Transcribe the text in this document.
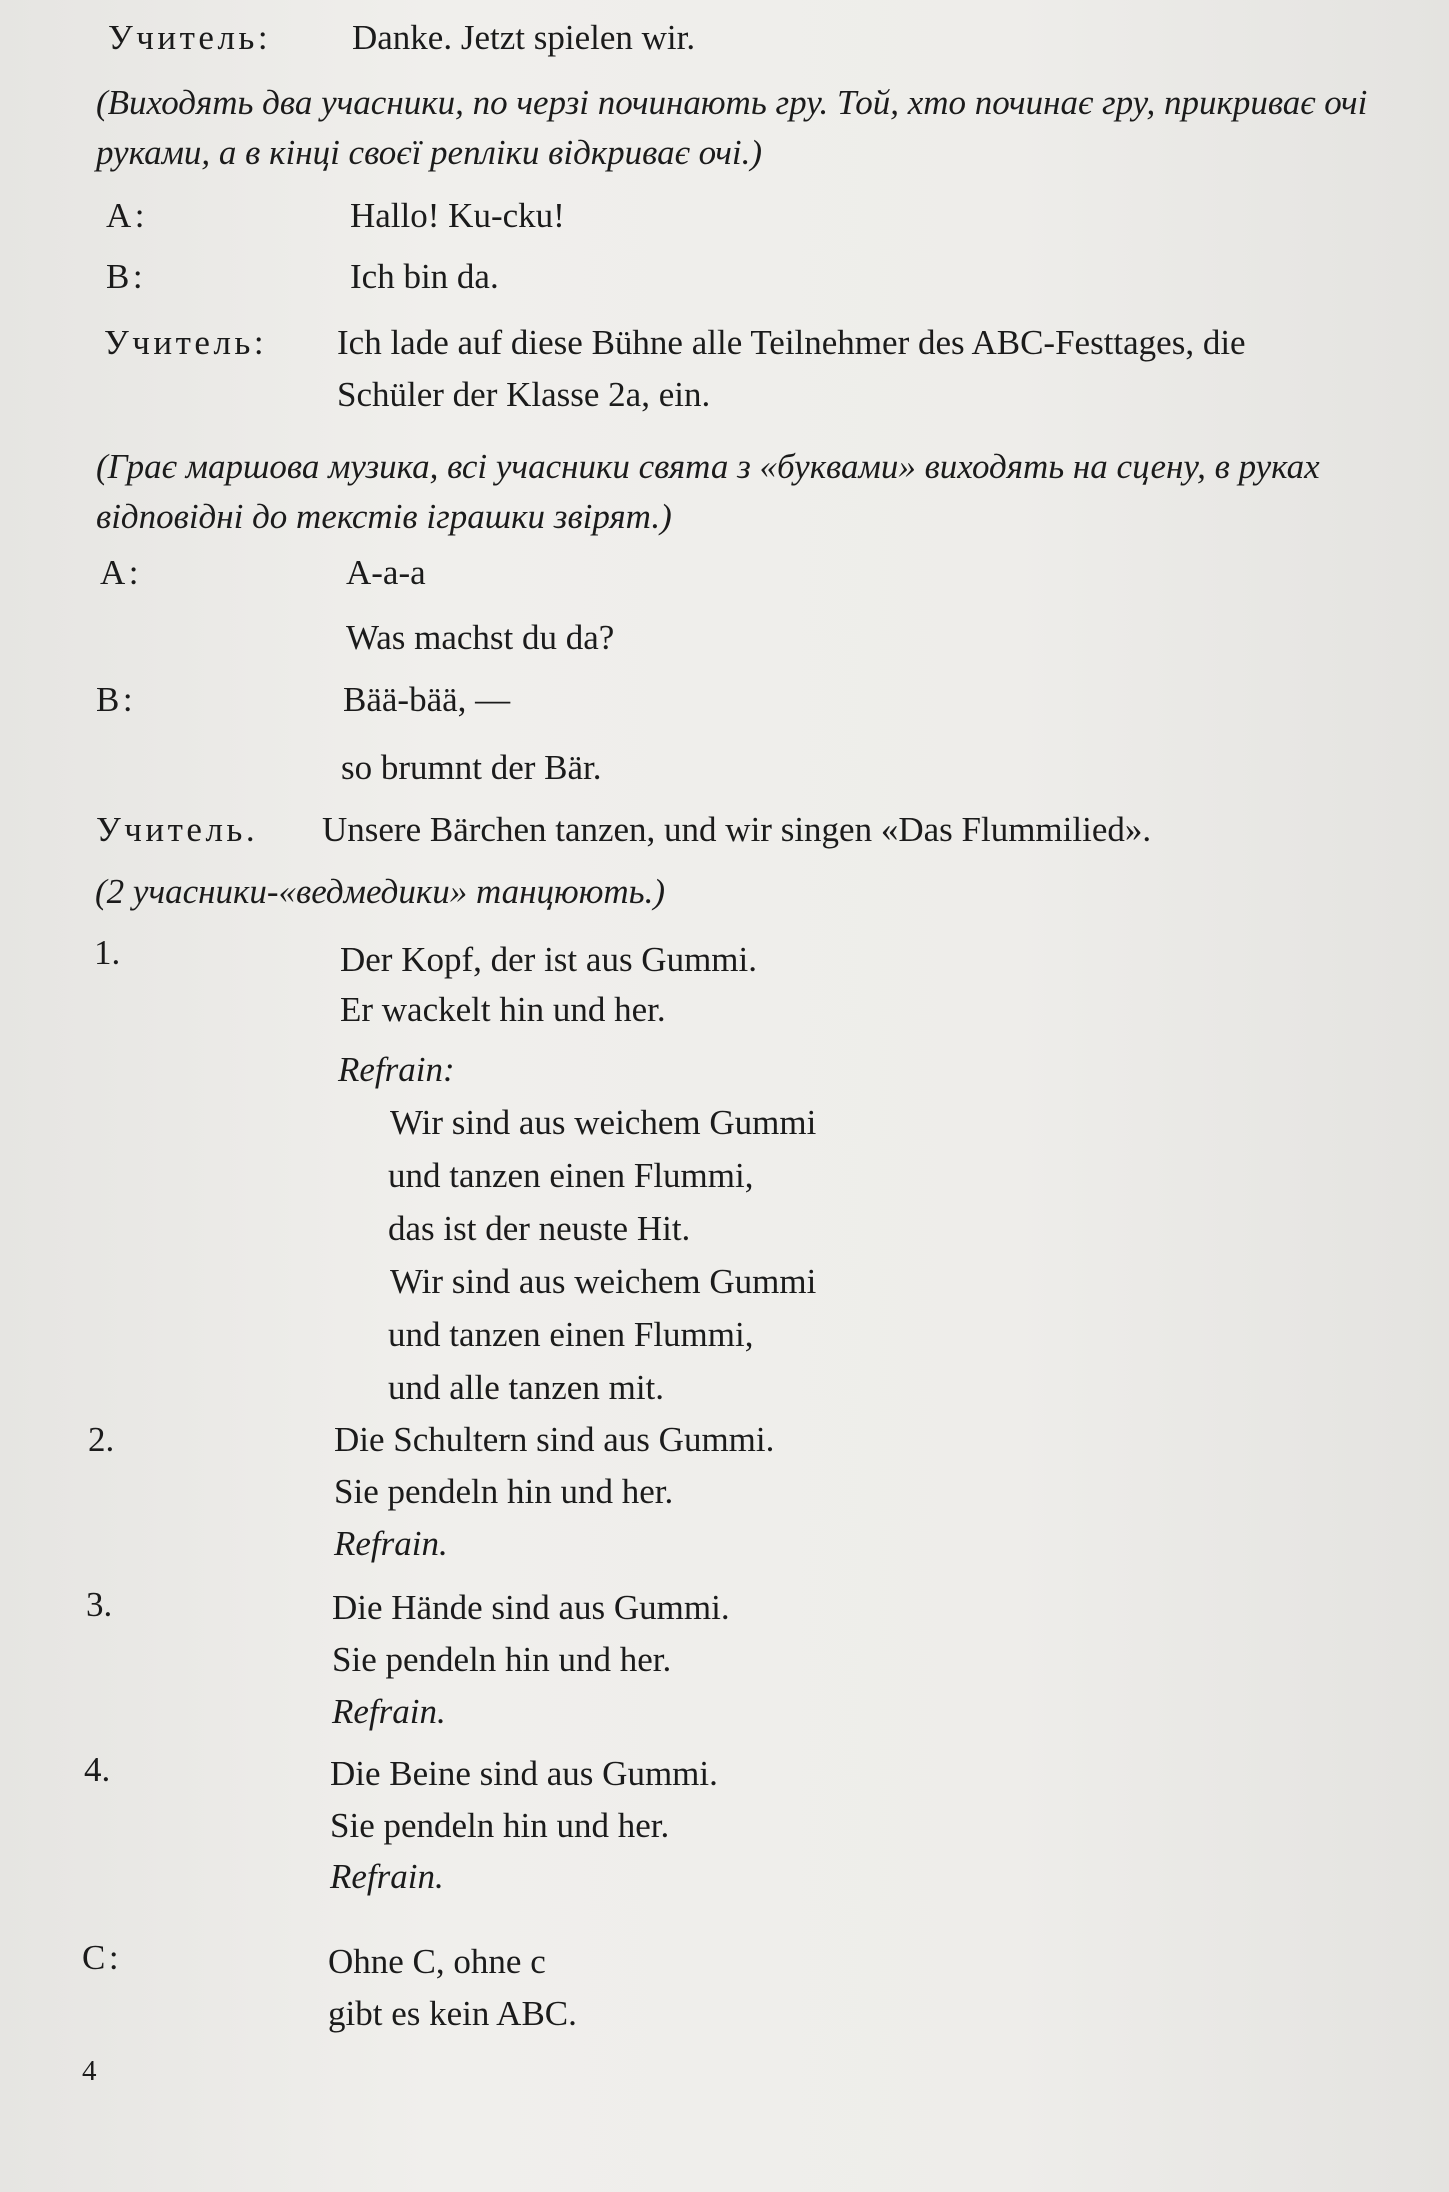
Учитель: Danke. Jetzt spielen wir.
(Виходять два учасники, по черзі починають гру. Той, хто починає гру, прикриває очі руками, а в кінці своєї репліки відкриває очі.)
A:	Hallo! Ku-cku!
B:	Ich bin da.
Учитель: Ich lade auf diese Bühne alle Teilnehmer des ABC-Festtages, die
Schüler der Klasse 2a, ein.
(Грає маршова музика, всі учасники свята з «буквами» виходять на сцену, в руках відповідні до текстів іграшки звірят.)
A:	A-a-a
Was machst du da?
B:	Bää-bää, —
so brumnt der Bär.
Учитель. Unsere Bärchen tanzen, und wir singen «Das Flummilied».
(2 учасники-«ведмедики» танцюють.)
1.	Der Kopf, der ist aus Gummi.
Er wackelt hin und her.
Refrain:
Wir sind aus weichem Gummi
und tanzen einen Flummi,
das ist der neuste Hit.
Wir sind aus weichem Gummi
und tanzen einen Flummi,
und alle tanzen mit.
2.	Die Schultern sind aus Gummi.
Sie pendeln hin und her.
Refrain.
3.	Die Hände sind aus Gummi.
Sie pendeln hin und her.
Refrain.
4.	Die Beine sind aus Gummi.
Sie pendeln hin und her.
Refrain.
C:	Ohne C, ohne c
gibt es kein ABC.
4
